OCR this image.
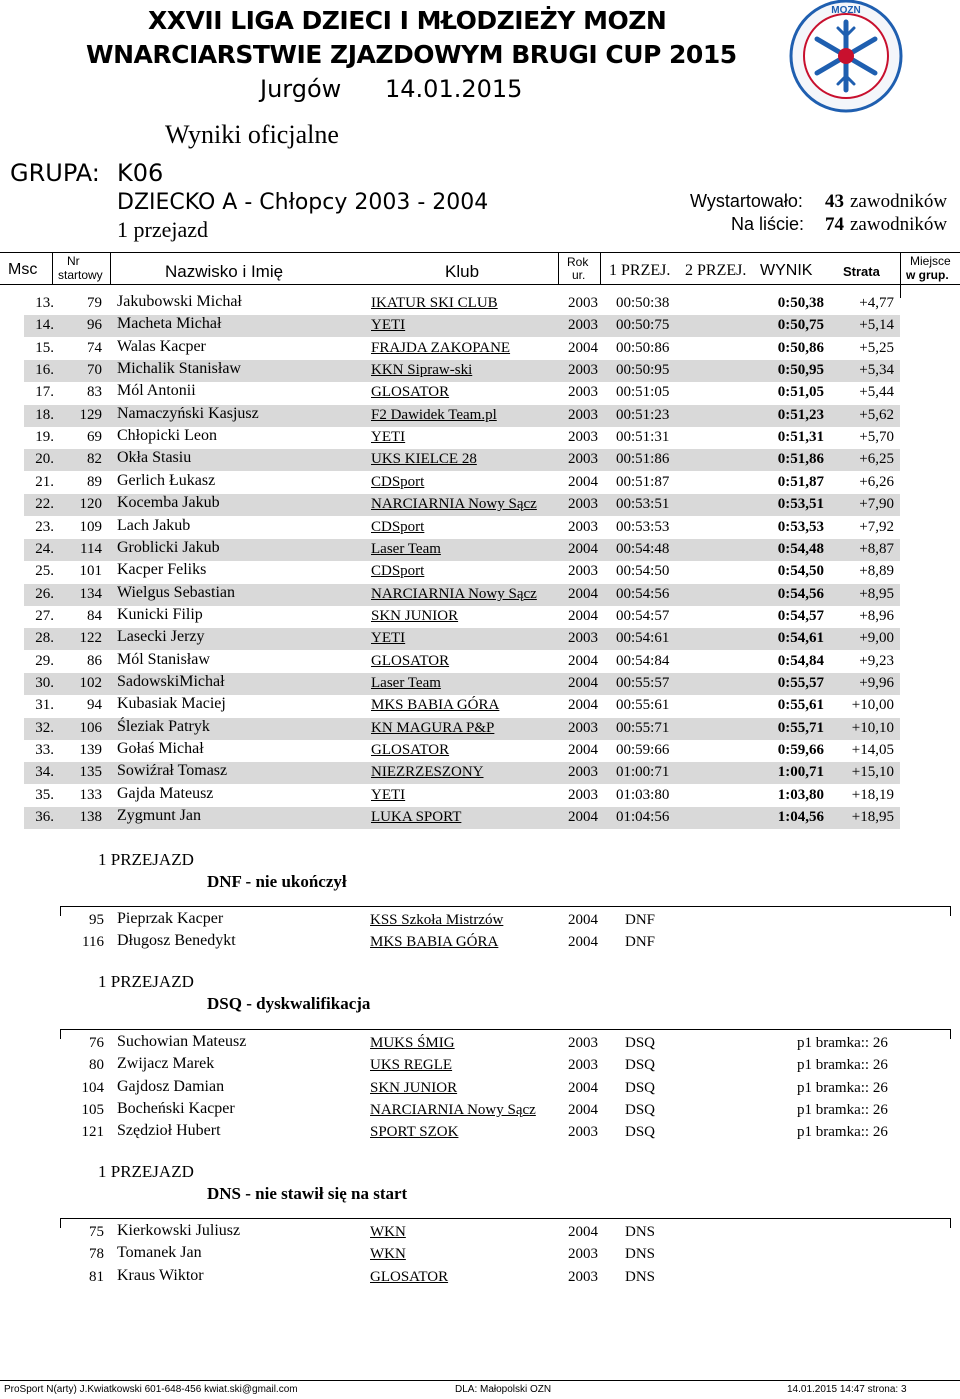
XXVII LIGA DZIECI I MŁODZIEŻY MOZN
WNARCIARSTWIE ZJAZDOWYM BRUGI CUP 2015
Jurgów 14.01.2015
Wyniki oficjalne
GRUPA: K06
DZIECKO A - Chłopcy 2003 - 2004
1 przejazd
Wystartowało: 43 zawodników
Na liście: 74 zawodników
MOZN
Msc Nr
startowy	Nazwisko i Imię	Klub	Rok
ur. 1 PRZEJ. 2 PRZEJ. WYNIK Strata
Miejsce
w grup.
13.	79 Jakubowski Michał	IKATUR SKI CLUB	2003 00:50:38	0:50,38	+4,77
14.	96 Macheta Michał	YETI	2003 00:50:75	0:50,75	+5,14
15.	74 Walas Kacper	FRAJDA ZAKOPANE	2004 00:50:86	0:50,86	+5,25
16.	70 Michalik Stanisław	KKN Sipraw-ski	2003 00:50:95	0:50,95	+5,34
17.	83 Mól Antonii	GLOSATOR	2003 00:51:05	0:51,05	+5,44
18.	129 Namaczyński Kasjusz	F2 Dawidek Team.pl	2003 00:51:23	0:51,23	+5,62
19.	69 Chłopicki Leon	YETI	2003 00:51:31	0:51,31	+5,70
20.	82 Okła Stasiu	UKS KIELCE 28	2003 00:51:86	0:51,86	+6,25
21.	89 Gerlich Łukasz	CDSport	2004 00:51:87	0:51,87	+6,26
22.	120 Kocemba Jakub	NARCIARNIA Nowy Sącz 2003 00:53:51	0:53,51	+7,90
23.	109 Lach Jakub	CDSport	2003 00:53:53	0:53,53	+7,92
24.	114 Groblicki Jakub	Laser Team	2004 00:54:48	0:54,48	+8,87
25.	101 Kacper Feliks	CDSport	2003 00:54:50	0:54,50	+8,89
26.	134 Wielgus Sebastian	NARCIARNIA Nowy Sącz 2004 00:54:56	0:54,56	+8,95
27.	84 Kunicki Filip	SKN JUNIOR	2004 00:54:57	0:54,57	+8,96
28.	122 Lasecki Jerzy	YETI	2003 00:54:61	0:54,61	+9,00
29.	86 Mól Stanisław	GLOSATOR	2004 00:54:84	0:54,84	+9,23
30.	102 SadowskiMichał	Laser Team	2004 00:55:57	0:55,57	+9,96
31.	94 Kubasiak Maciej	MKS BABIA GÓRA	2004 00:55:61	0:55,61	+10,00
32.	106 Śleziak Patryk	KN MAGURA P&P	2003 00:55:71	0:55,71	+10,10
33.	139 Gołaś Michał	GLOSATOR	2004 00:59:66	0:59,66	+14,05
34.	135 Sowiźrał Tomasz	NIEZRZESZONY	2003 01:00:71	1:00,71	+15,10
35.	133 Gajda Mateusz	YETI	2003 01:03:80	1:03,80	+18,19
36.	138 Zygmunt Jan	LUKA SPORT	2004 01:04:56	1:04,56	+18,95
1 PRZEJAZD
DNF - nie ukończył
95 Pieprzak Kacper	KSS Szkoła Mistrzów	2004 DNF
116 Długosz Benedykt	MKS BABIA GÓRA	2004 DNF
1 PRZEJAZD
DSQ - dyskwalifikacja
76 Suchowian Mateusz	MUKS ŚMIG	2003 DSQ	p1 bramka:: 26
80 Zwijacz Marek	UKS REGLE	2003 DSQ	p1 bramka:: 26
104 Gajdosz Damian	SKN JUNIOR	2004 DSQ	p1 bramka:: 26
105 Bocheński Kacper	NARCIARNIA Nowy Sącz 2004 DSQ	p1 bramka:: 26
121 Szędzioł Hubert	SPORT SZOK	2003 DSQ	p1 bramka:: 26
1 PRZEJAZD
DNS - nie stawił się na start
75 Kierkowski Juliusz	WKN	2004 DNS
78 Tomanek Jan	WKN	2003 DNS
81 Kraus Wiktor	GLOSATOR	2003 DNS
ProSport N(arty) J.Kwiatkowski 601-648-456 kwiat.ski@gmail.com	DLA: Małopolski OZN	14.01.2015 14:47 strona: 3
